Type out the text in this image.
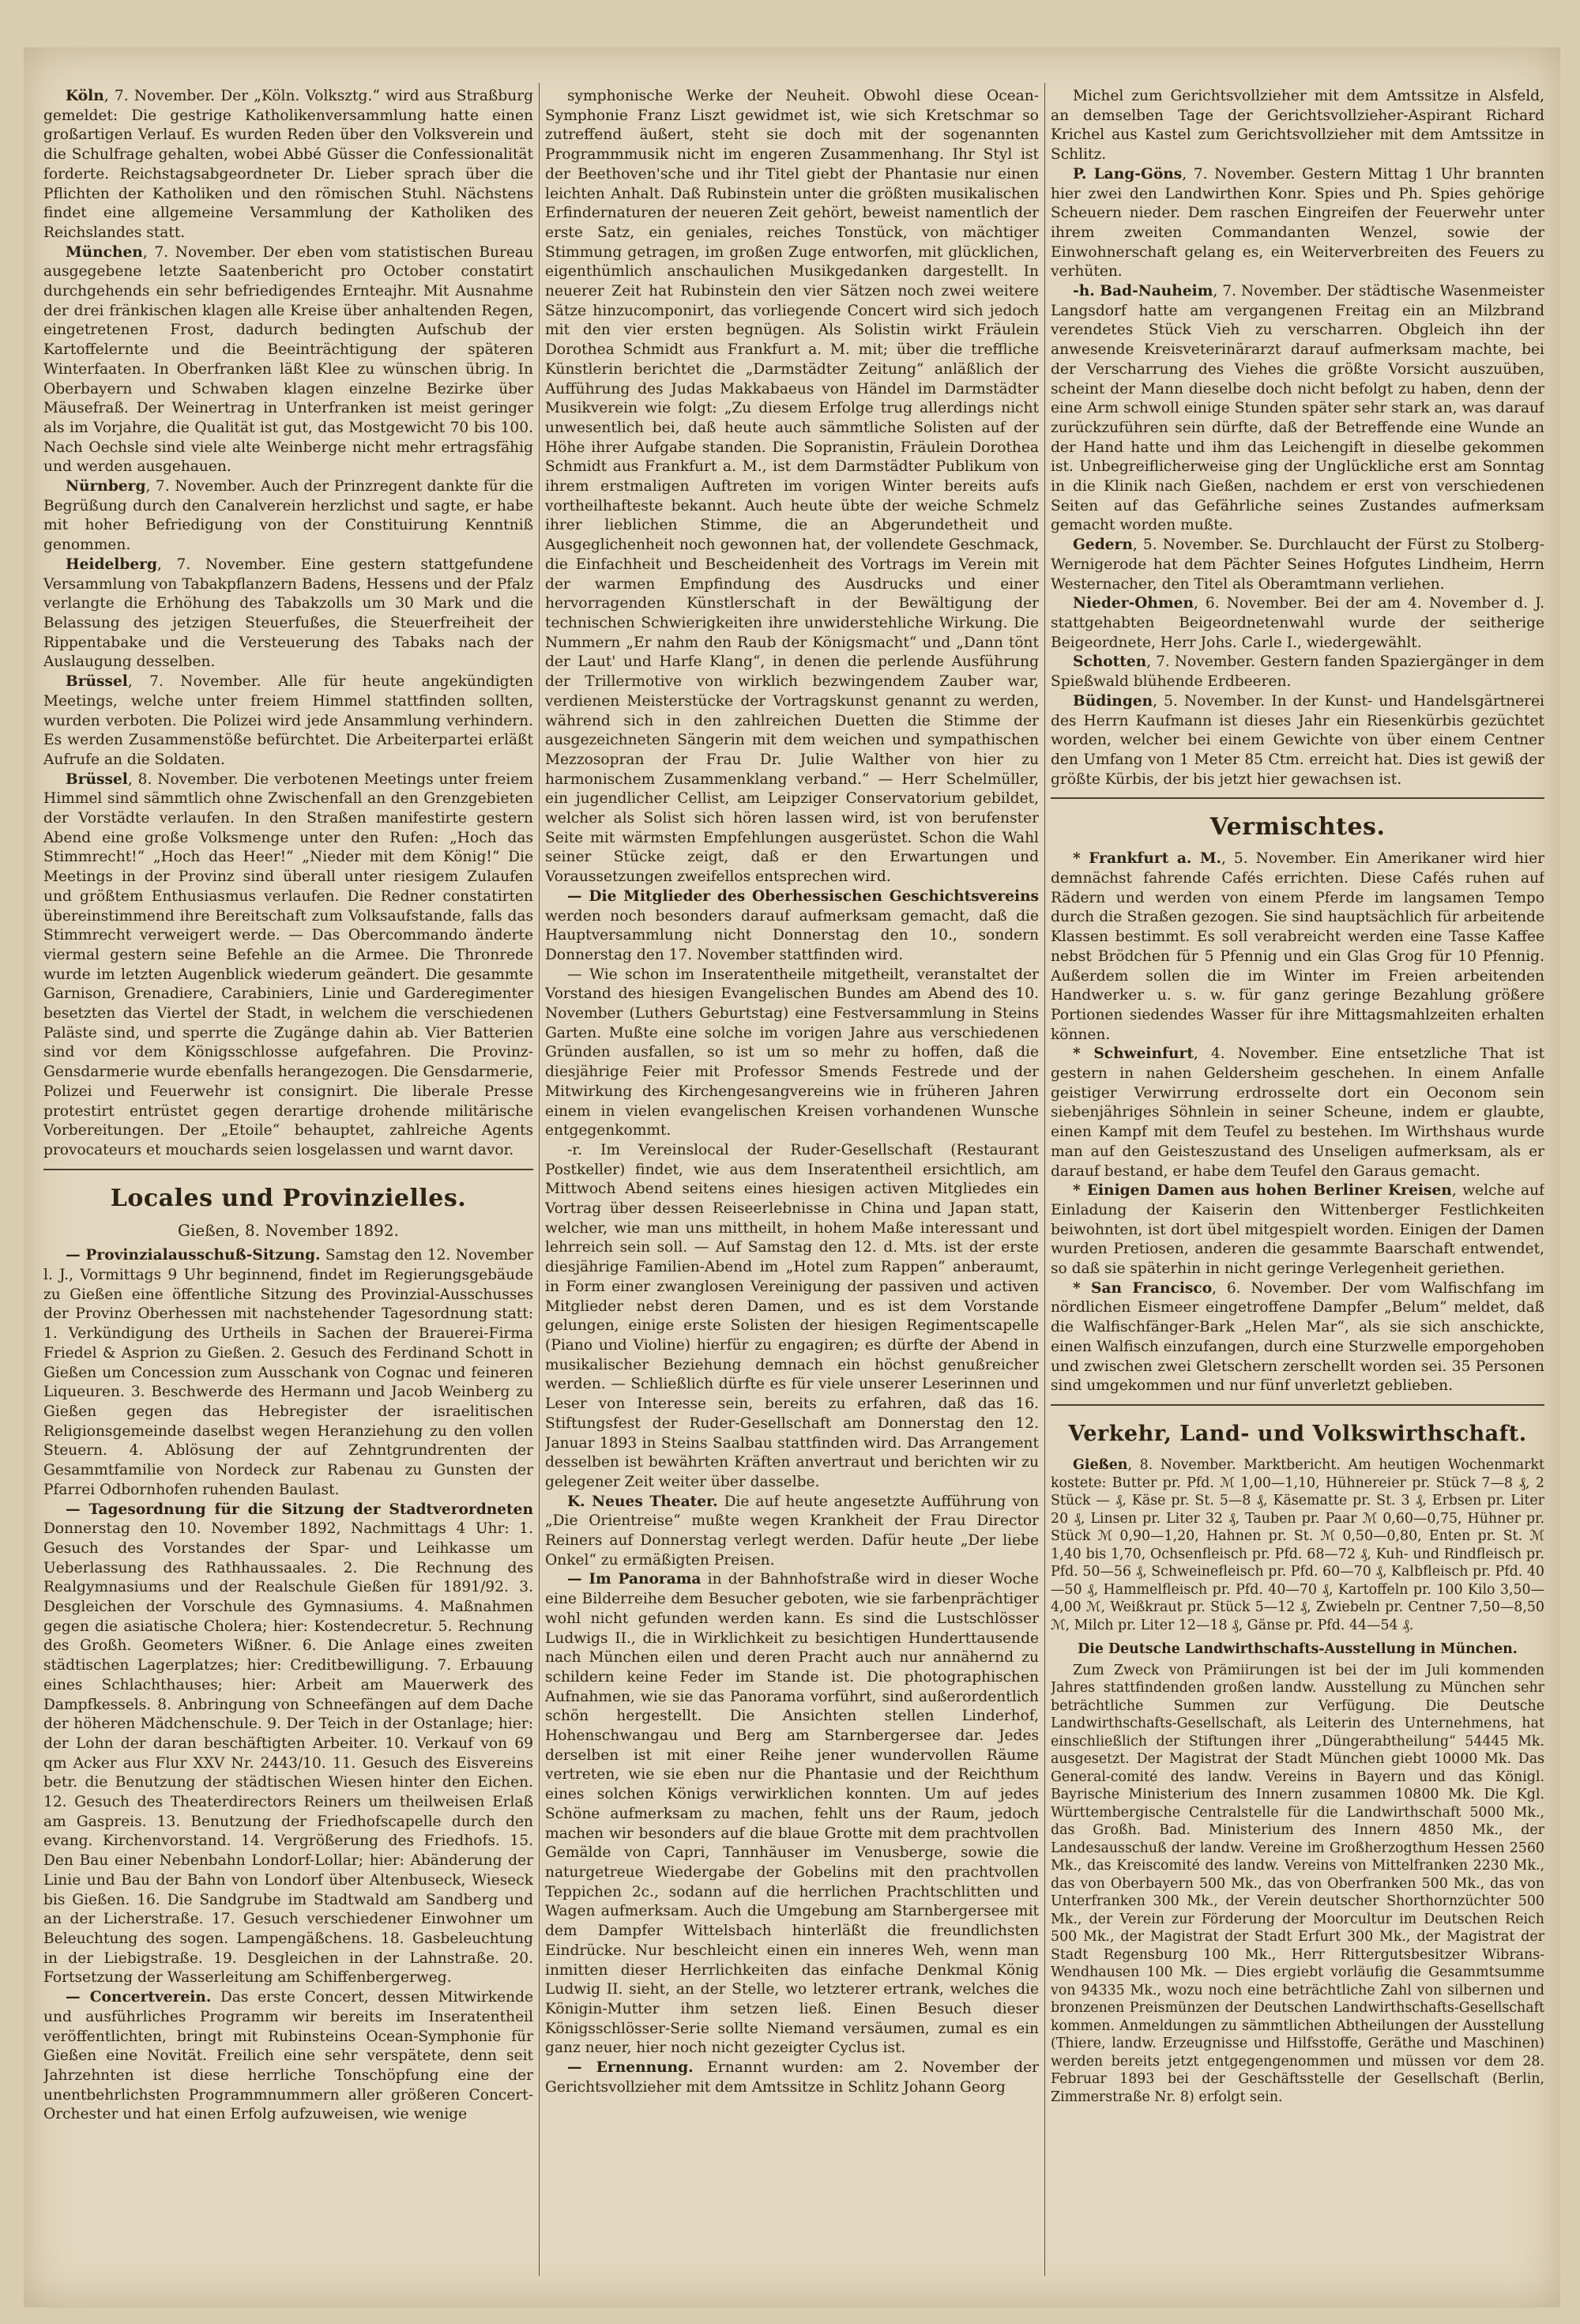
Köln, 7. November. Der „Köln. Volksztg.“ wird aus Straßburg gemeldet: Die gestrige Katholikenversammlung hatte einen großartigen Verlauf. Es wurden Reden über den Volksverein und die Schulfrage gehalten, wobei Abbé Güsser die Confessionalität forderte. Reichstagsabgeordneter Dr. Lieber sprach über die Pflichten der Katholiken und den römischen Stuhl. Nächstens findet eine allgemeine Versammlung der Katholiken des Reichslandes statt.

München, 7. November. Der eben vom statistischen Bureau ausgegebene letzte Saatenbericht pro October constatirt durchgehends ein sehr befriedigendes Ernteajhr. Mit Ausnahme der drei fränkischen klagen alle Kreise über anhaltenden Regen, eingetretenen Frost, dadurch bedingten Aufschub der Kartoffelernte und die Beeinträchtigung der späteren Winterfaaten. In Oberfranken läßt Klee zu wünschen übrig. In Oberbayern und Schwaben klagen einzelne Bezirke über Mäusefraß. Der Weinertrag in Unterfranken ist meist geringer als im Vorjahre, die Qualität ist gut, das Mostgewicht 70 bis 100. Nach Oechsle sind viele alte Weinberge nicht mehr ertragsfähig und werden ausgehauen.

Nürnberg, 7. November. Auch der Prinzregent dankte für die Begrüßung durch den Canalverein herzlichst und sagte, er habe mit hoher Befriedigung von der Constituirung Kenntniß genommen.

Heidelberg, 7. November. Eine gestern stattgefundene Versammlung von Tabakpflanzern Badens, Hessens und der Pfalz verlangte die Erhöhung des Tabakzolls um 30 Mark und die Belassung des jetzigen Steuerfußes, die Steuerfreiheit der Rippentabake und die Versteuerung des Tabaks nach der Auslaugung desselben.

Brüssel, 7. November. Alle für heute angekündigten Meetings, welche unter freiem Himmel stattfinden sollten, wurden verboten. Die Polizei wird jede Ansammlung verhindern. Es werden Zusammenstöße befürchtet. Die Arbeiterpartei erläßt Aufrufe an die Soldaten.

Brüssel, 8. November. Die verbotenen Meetings unter freiem Himmel sind sämmtlich ohne Zwischenfall an den Grenzgebieten der Vorstädte verlaufen. In den Straßen manifestirte gestern Abend eine große Volksmenge unter den Rufen: „Hoch das Stimmrecht!“ „Hoch das Heer!“ „Nieder mit dem König!“ Die Meetings in der Provinz sind überall unter riesigem Zulaufen und größtem Enthusiasmus verlaufen. Die Redner constatirten übereinstimmend ihre Bereitschaft zum Volksaufstande, falls das Stimmrecht verweigert werde. — Das Obercommando änderte viermal gestern seine Befehle an die Armee. Die Thronrede wurde im letzten Augenblick wiederum geändert. Die gesammte Garnison, Grenadiere, Carabiniers, Linie und Garderegimenter besetzten das Viertel der Stadt, in welchem die verschiedenen Paläste sind, und sperrte die Zugänge dahin ab. Vier Batterien sind vor dem Königsschlosse aufgefahren. Die Provinz-Gensdarmerie wurde ebenfalls herangezogen. Die Gensdarmerie, Polizei und Feuerwehr ist consignirt. Die liberale Presse protestirt entrüstet gegen derartige drohende militärische Vorbereitungen. Der „Etoile“ behauptet, zahlreiche Agents provocateurs et mouchards seien losgelassen und warnt davor.

Locales und Provinzielles.
Gießen, 8. November 1892.

— Provinzialausschuß-Sitzung. Samstag den 12. November l. J., Vormittags 9 Uhr beginnend, findet im Regierungsgebäude zu Gießen eine öffentliche Sitzung des Provinzial-Ausschusses der Provinz Oberhessen mit nachstehender Tagesordnung statt: 1. Verkündigung des Urtheils in Sachen der Brauerei-Firma Friedel & Asprion zu Gießen. 2. Gesuch des Ferdinand Schott in Gießen um Concession zum Ausschank von Cognac und feineren Liqueuren. 3. Beschwerde des Hermann und Jacob Weinberg zu Gießen gegen das Hebregister der israelitischen Religionsgemeinde daselbst wegen Heranziehung zu den vollen Steuern. 4. Ablösung der auf Zehntgrundrenten der Gesammtfamilie von Nordeck zur Rabenau zu Gunsten der Pfarrei Odbornhofen ruhenden Baulast.

— Tagesordnung für die Sitzung der Stadtverordneten Donnerstag den 10. November 1892, Nachmittags 4 Uhr: 1. Gesuch des Vorstandes der Spar- und Leihkasse um Ueberlassung des Rathhaussaales. 2. Die Rechnung des Realgymnasiums und der Realschule Gießen für 1891/92. 3. Desgleichen der Vorschule des Gymnasiums. 4. Maßnahmen gegen die asiatische Cholera; hier: Kostendecretur. 5. Rechnung des Großh. Geometers Wißner. 6. Die Anlage eines zweiten städtischen Lagerplatzes; hier: Creditbewilligung. 7. Erbauung eines Schlachthauses; hier: Arbeit am Mauerwerk des Dampfkessels. 8. Anbringung von Schneefängen auf dem Dache der höheren Mädchenschule. 9. Der Teich in der Ostanlage; hier: der Lohn der daran beschäftigten Arbeiter. 10. Verkauf von 69 qm Acker aus Flur XXV Nr. 2443/10. 11. Gesuch des Eisvereins betr. die Benutzung der städtischen Wiesen hinter den Eichen. 12. Gesuch des Theaterdirectors Reiners um theilweisen Erlaß am Gaspreis. 13. Benutzung der Friedhofscapelle durch den evang. Kirchenvorstand. 14. Vergrößerung des Friedhofs. 15. Den Bau einer Nebenbahn Londorf-Lollar; hier: Abänderung der Linie und Bau der Bahn von Londorf über Altenbuseck, Wieseck bis Gießen. 16. Die Sandgrube im Stadtwald am Sandberg und an der Licherstraße. 17. Gesuch verschiedener Einwohner um Beleuchtung des sogen. Lampengäßchens. 18. Gasbeleuchtung in der Liebigstraße. 19. Desgleichen in der Lahnstraße. 20. Fortsetzung der Wasserleitung am Schiffenbergerweg.

— Concertverein. Das erste Concert, dessen Mitwirkende und ausführliches Programm wir bereits im Inseratentheil veröffentlichten, bringt mit Rubinsteins Ocean-Symphonie für Gießen eine Novität. Freilich eine sehr verspätete, denn seit Jahrzehnten ist diese herrliche Tonschöpfung eine der unentbehrlichsten Programmnummern aller größeren Concert-Orchester und hat einen Erfolg aufzuweisen, wie wenige

symphonische Werke der Neuheit. Obwohl diese Ocean-Symphonie Franz Liszt gewidmet ist, wie sich Kretschmar so zutreffend äußert, steht sie doch mit der sogenannten Programmmusik nicht im engeren Zusammenhang. Ihr Styl ist der Beethoven'sche und ihr Titel giebt der Phantasie nur einen leichten Anhalt. Daß Rubinstein unter die größten musikalischen Erfindernaturen der neueren Zeit gehört, beweist namentlich der erste Satz, ein geniales, reiches Tonstück, von mächtiger Stimmung getragen, im großen Zuge entworfen, mit glücklichen, eigenthümlich anschaulichen Musikgedanken dargestellt. In neuerer Zeit hat Rubinstein den vier Sätzen noch zwei weitere Sätze hinzucomponirt, das vorliegende Concert wird sich jedoch mit den vier ersten begnügen. Als Solistin wirkt Fräulein Dorothea Schmidt aus Frankfurt a. M. mit; über die treffliche Künstlerin berichtet die „Darmstädter Zeitung“ anläßlich der Aufführung des Judas Makkabaeus von Händel im Darmstädter Musikverein wie folgt: „Zu diesem Erfolge trug allerdings nicht unwesentlich bei, daß heute auch sämmtliche Solisten auf der Höhe ihrer Aufgabe standen. Die Sopranistin, Fräulein Dorothea Schmidt aus Frankfurt a. M., ist dem Darmstädter Publikum von ihrem erstmaligen Auftreten im vorigen Winter bereits aufs vortheilhafteste bekannt. Auch heute übte der weiche Schmelz ihrer lieblichen Stimme, die an Abgerundetheit und Ausgeglichenheit noch gewonnen hat, der vollendete Geschmack, die Einfachheit und Bescheidenheit des Vortrags im Verein mit der warmen Empfindung des Ausdrucks und einer hervorragenden Künstlerschaft in der Bewältigung der technischen Schwierigkeiten ihre unwiderstehliche Wirkung. Die Nummern „Er nahm den Raub der Königsmacht“ und „Dann tönt der Laut' und Harfe Klang“, in denen die perlende Ausführung der Trillermotive von wirklich bezwingendem Zauber war, verdienen Meisterstücke der Vortragskunst genannt zu werden, während sich in den zahlreichen Duetten die Stimme der ausgezeichneten Sängerin mit dem weichen und sympathischen Mezzosopran der Frau Dr. Julie Walther von hier zu harmonischem Zusammenklang verband.“ — Herr Schelmüller, ein jugendlicher Cellist, am Leipziger Conservatorium gebildet, welcher als Solist sich hören lassen wird, ist von berufenster Seite mit wärmsten Empfehlungen ausgerüstet. Schon die Wahl seiner Stücke zeigt, daß er den Erwartungen und Voraussetzungen zweifellos entsprechen wird.

— Die Mitglieder des Oberhessischen Geschichtsvereins werden noch besonders darauf aufmerksam gemacht, daß die Hauptversammlung nicht Donnerstag den 10., sondern Donnerstag den 17. November stattfinden wird.

— Wie schon im Inseratentheile mitgetheilt, veranstaltet der Vorstand des hiesigen Evangelischen Bundes am Abend des 10. November (Luthers Geburtstag) eine Festversammlung in Steins Garten. Mußte eine solche im vorigen Jahre aus verschiedenen Gründen ausfallen, so ist um so mehr zu hoffen, daß die diesjährige Feier mit Professor Smends Festrede und der Mitwirkung des Kirchengesangvereins wie in früheren Jahren einem in vielen evangelischen Kreisen vorhandenen Wunsche entgegenkommt.

-r. Im Vereinslocal der Ruder-Gesellschaft (Restaurant Postkeller) findet, wie aus dem Inseratentheil ersichtlich, am Mittwoch Abend seitens eines hiesigen activen Mitgliedes ein Vortrag über dessen Reiseerlebnisse in China und Japan statt, welcher, wie man uns mittheilt, in hohem Maße interessant und lehrreich sein soll. — Auf Samstag den 12. d. Mts. ist der erste diesjährige Familien-Abend im „Hotel zum Rappen“ anberaumt, in Form einer zwanglosen Vereinigung der passiven und activen Mitglieder nebst deren Damen, und es ist dem Vorstande gelungen, einige erste Solisten der hiesigen Regimentscapelle (Piano und Violine) hierfür zu engagiren; es dürfte der Abend in musikalischer Beziehung demnach ein höchst genußreicher werden. — Schließlich dürfte es für viele unserer Leserinnen und Leser von Interesse sein, bereits zu erfahren, daß das 16. Stiftungsfest der Ruder-Gesellschaft am Donnerstag den 12. Januar 1893 in Steins Saalbau stattfinden wird. Das Arrangement desselben ist bewährten Kräften anvertraut und berichten wir zu gelegener Zeit weiter über dasselbe.

K. Neues Theater. Die auf heute angesetzte Aufführung von „Die Orientreise“ mußte wegen Krankheit der Frau Director Reiners auf Donnerstag verlegt werden. Dafür heute „Der liebe Onkel“ zu ermäßigten Preisen.

— Im Panorama in der Bahnhofstraße wird in dieser Woche eine Bilderreihe dem Besucher geboten, wie sie farbenprächtiger wohl nicht gefunden werden kann. Es sind die Lustschlösser Ludwigs II., die in Wirklichkeit zu besichtigen Hunderttausende nach München eilen und deren Pracht auch nur annähernd zu schildern keine Feder im Stande ist. Die photographischen Aufnahmen, wie sie das Panorama vorführt, sind außerordentlich schön hergestellt. Die Ansichten stellen Linderhof, Hohenschwangau und Berg am Starnbergersee dar. Jedes derselben ist mit einer Reihe jener wundervollen Räume vertreten, wie sie eben nur die Phantasie und der Reichthum eines solchen Königs verwirklichen konnten. Um auf jedes Schöne aufmerksam zu machen, fehlt uns der Raum, jedoch machen wir besonders auf die blaue Grotte mit dem prachtvollen Gemälde von Capri, Tannhäuser im Venusberge, sowie die naturgetreue Wiedergabe der Gobelins mit den prachtvollen Teppichen 2c., sodann auf die herrlichen Prachtschlitten und Wagen aufmerksam. Auch die Umgebung am Starnbergersee mit dem Dampfer Wittelsbach hinterläßt die freundlichsten Eindrücke. Nur beschleicht einen ein inneres Weh, wenn man inmitten dieser Herrlichkeiten das einfache Denkmal König Ludwig II. sieht, an der Stelle, wo letzterer ertrank, welches die Königin-Mutter ihm setzen ließ. Einen Besuch dieser Königsschlösser-Serie sollte Niemand versäumen, zumal es ein ganz neuer, hier noch nicht gezeigter Cyclus ist.

— Ernennung. Ernannt wurden: am 2. November der Gerichtsvollzieher mit dem Amtssitze in Schlitz Johann Georg

Michel zum Gerichtsvollzieher mit dem Amtssitze in Alsfeld, an demselben Tage der Gerichtsvollzieher-Aspirant Richard Krichel aus Kastel zum Gerichtsvollzieher mit dem Amtssitze in Schlitz.

P. Lang-Göns, 7. November. Gestern Mittag 1 Uhr brannten hier zwei den Landwirthen Konr. Spies und Ph. Spies gehörige Scheuern nieder. Dem raschen Eingreifen der Feuerwehr unter ihrem zweiten Commandanten Wenzel, sowie der Einwohnerschaft gelang es, ein Weiterverbreiten des Feuers zu verhüten.

-h. Bad-Nauheim, 7. November. Der städtische Wasenmeister Langsdorf hatte am vergangenen Freitag ein an Milzbrand verendetes Stück Vieh zu verscharren. Obgleich ihn der anwesende Kreisveterinärarzt darauf aufmerksam machte, bei der Verscharrung des Viehes die größte Vorsicht auszuüben, scheint der Mann dieselbe doch nicht befolgt zu haben, denn der eine Arm schwoll einige Stunden später sehr stark an, was darauf zurückzuführen sein dürfte, daß der Betreffende eine Wunde an der Hand hatte und ihm das Leichengift in dieselbe gekommen ist. Unbegreiflicherweise ging der Unglückliche erst am Sonntag in die Klinik nach Gießen, nachdem er erst von verschiedenen Seiten auf das Gefährliche seines Zustandes aufmerksam gemacht worden mußte.

Gedern, 5. November. Se. Durchlaucht der Fürst zu Stolberg-Wernigerode hat dem Pächter Seines Hofgutes Lindheim, Herrn Westernacher, den Titel als Oberamtmann verliehen.

Nieder-Ohmen, 6. November. Bei der am 4. November d. J. stattgehabten Beigeordnetenwahl wurde der seitherige Beigeordnete, Herr Johs. Carle I., wiedergewählt.

Schotten, 7. November. Gestern fanden Spaziergänger in dem Spießwald blühende Erdbeeren.

Büdingen, 5. November. In der Kunst- und Handelsgärtnerei des Herrn Kaufmann ist dieses Jahr ein Riesenkürbis gezüchtet worden, welcher bei einem Gewichte von über einem Centner den Umfang von 1 Meter 85 Ctm. erreicht hat. Dies ist gewiß der größte Kürbis, der bis jetzt hier gewachsen ist.

Vermischtes.

* Frankfurt a. M., 5. November. Ein Amerikaner wird hier demnächst fahrende Cafés errichten. Diese Cafés ruhen auf Rädern und werden von einem Pferde im langsamen Tempo durch die Straßen gezogen. Sie sind hauptsächlich für arbeitende Klassen bestimmt. Es soll verabreicht werden eine Tasse Kaffee nebst Brödchen für 5 Pfennig und ein Glas Grog für 10 Pfennig. Außerdem sollen die im Winter im Freien arbeitenden Handwerker u. s. w. für ganz geringe Bezahlung größere Portionen siedendes Wasser für ihre Mittagsmahlzeiten erhalten können.

* Schweinfurt, 4. November. Eine entsetzliche That ist gestern in nahen Geldersheim geschehen. In einem Anfalle geistiger Verwirrung erdrosselte dort ein Oeconom sein siebenjähriges Söhnlein in seiner Scheune, indem er glaubte, einen Kampf mit dem Teufel zu bestehen. Im Wirthshaus wurde man auf den Geisteszustand des Unseligen aufmerksam, als er darauf bestand, er habe dem Teufel den Garaus gemacht.

* Einigen Damen aus hohen Berliner Kreisen, welche auf Einladung der Kaiserin den Wittenberger Festlichkeiten beiwohnten, ist dort übel mitgespielt worden. Einigen der Damen wurden Pretiosen, anderen die gesammte Baarschaft entwendet, so daß sie späterhin in nicht geringe Verlegenheit geriethen.

* San Francisco, 6. November. Der vom Walfischfang im nördlichen Eismeer eingetroffene Dampfer „Belum“ meldet, daß die Walfischfänger-Bark „Helen Mar“, als sie sich anschickte, einen Walfisch einzufangen, durch eine Sturzwelle emporgehoben und zwischen zwei Gletschern zerschellt worden sei. 35 Personen sind umgekommen und nur fünf unverletzt geblieben.

Verkehr, Land- und Volkswirthschaft.

Gießen, 8. November. Marktbericht. Am heutigen Wochenmarkt kostete: Butter pr. Pfd. ℳ 1,00—1,10, Hühnereier pr. Stück 7—8 ₰, 2 Stück — ₰, Käse pr. St. 5—8 ₰, Käsematte pr. St. 3 ₰, Erbsen pr. Liter 20 ₰, Linsen pr. Liter 32 ₰, Tauben pr. Paar ℳ 0,60—0,75, Hühner pr. Stück ℳ 0,90—1,20, Hahnen pr. St. ℳ 0,50—0,80, Enten pr. St. ℳ 1,40 bis 1,70, Ochsenfleisch pr. Pfd. 68—72 ₰, Kuh- und Rindfleisch pr. Pfd. 50—56 ₰, Schweinefleisch pr. Pfd. 60—70 ₰, Kalbfleisch pr. Pfd. 40—50 ₰, Hammelfleisch pr. Pfd. 40—70 ₰, Kartoffeln pr. 100 Kilo 3,50—4,00 ℳ, Weißkraut pr. Stück 5—12 ₰, Zwiebeln pr. Centner 7,50—8,50 ℳ, Milch pr. Liter 12—18 ₰, Gänse pr. Pfd. 44—54 ₰.

Die Deutsche Landwirthschafts-Ausstellung in München.

Zum Zweck von Prämiirungen ist bei der im Juli kommenden Jahres stattfindenden großen landw. Ausstellung zu München sehr beträchtliche Summen zur Verfügung. Die Deutsche Landwirthschafts-Gesellschaft, als Leiterin des Unternehmens, hat einschließlich der Stiftungen ihrer „Düngerabtheilung“ 54445 Mk. ausgesetzt. Der Magistrat der Stadt München giebt 10000 Mk. Das General-comité des landw. Vereins in Bayern und das Königl. Bayrische Ministerium des Innern zusammen 10800 Mk. Die Kgl. Württembergische Centralstelle für die Landwirthschaft 5000 Mk., das Großh. Bad. Ministerium des Innern 4850 Mk., der Landesausschuß der landw. Vereine im Großherzogthum Hessen 2560 Mk., das Kreiscomité des landw. Vereins von Mittelfranken 2230 Mk., das von Oberbayern 500 Mk., das von Oberfranken 500 Mk., das von Unterfranken 300 Mk., der Verein deutscher Shorthornzüchter 500 Mk., der Verein zur Förderung der Moorcultur im Deutschen Reich 500 Mk., der Magistrat der Stadt Erfurt 300 Mk., der Magistrat der Stadt Regensburg 100 Mk., Herr Rittergutsbesitzer Wibrans-Wendhausen 100 Mk. — Dies ergiebt vorläufig die Gesammtsumme von 94335 Mk., wozu noch eine beträchtliche Zahl von silbernen und bronzenen Preismünzen der Deutschen Landwirthschafts-Gesellschaft kommen. Anmeldungen zu sämmtlichen Abtheilungen der Ausstellung (Thiere, landw. Erzeugnisse und Hilfsstoffe, Geräthe und Maschinen) werden bereits jetzt entgegengenommen und müssen vor dem 28. Februar 1893 bei der Geschäftsstelle der Gesellschaft (Berlin, Zimmerstraße Nr. 8) erfolgt sein.
